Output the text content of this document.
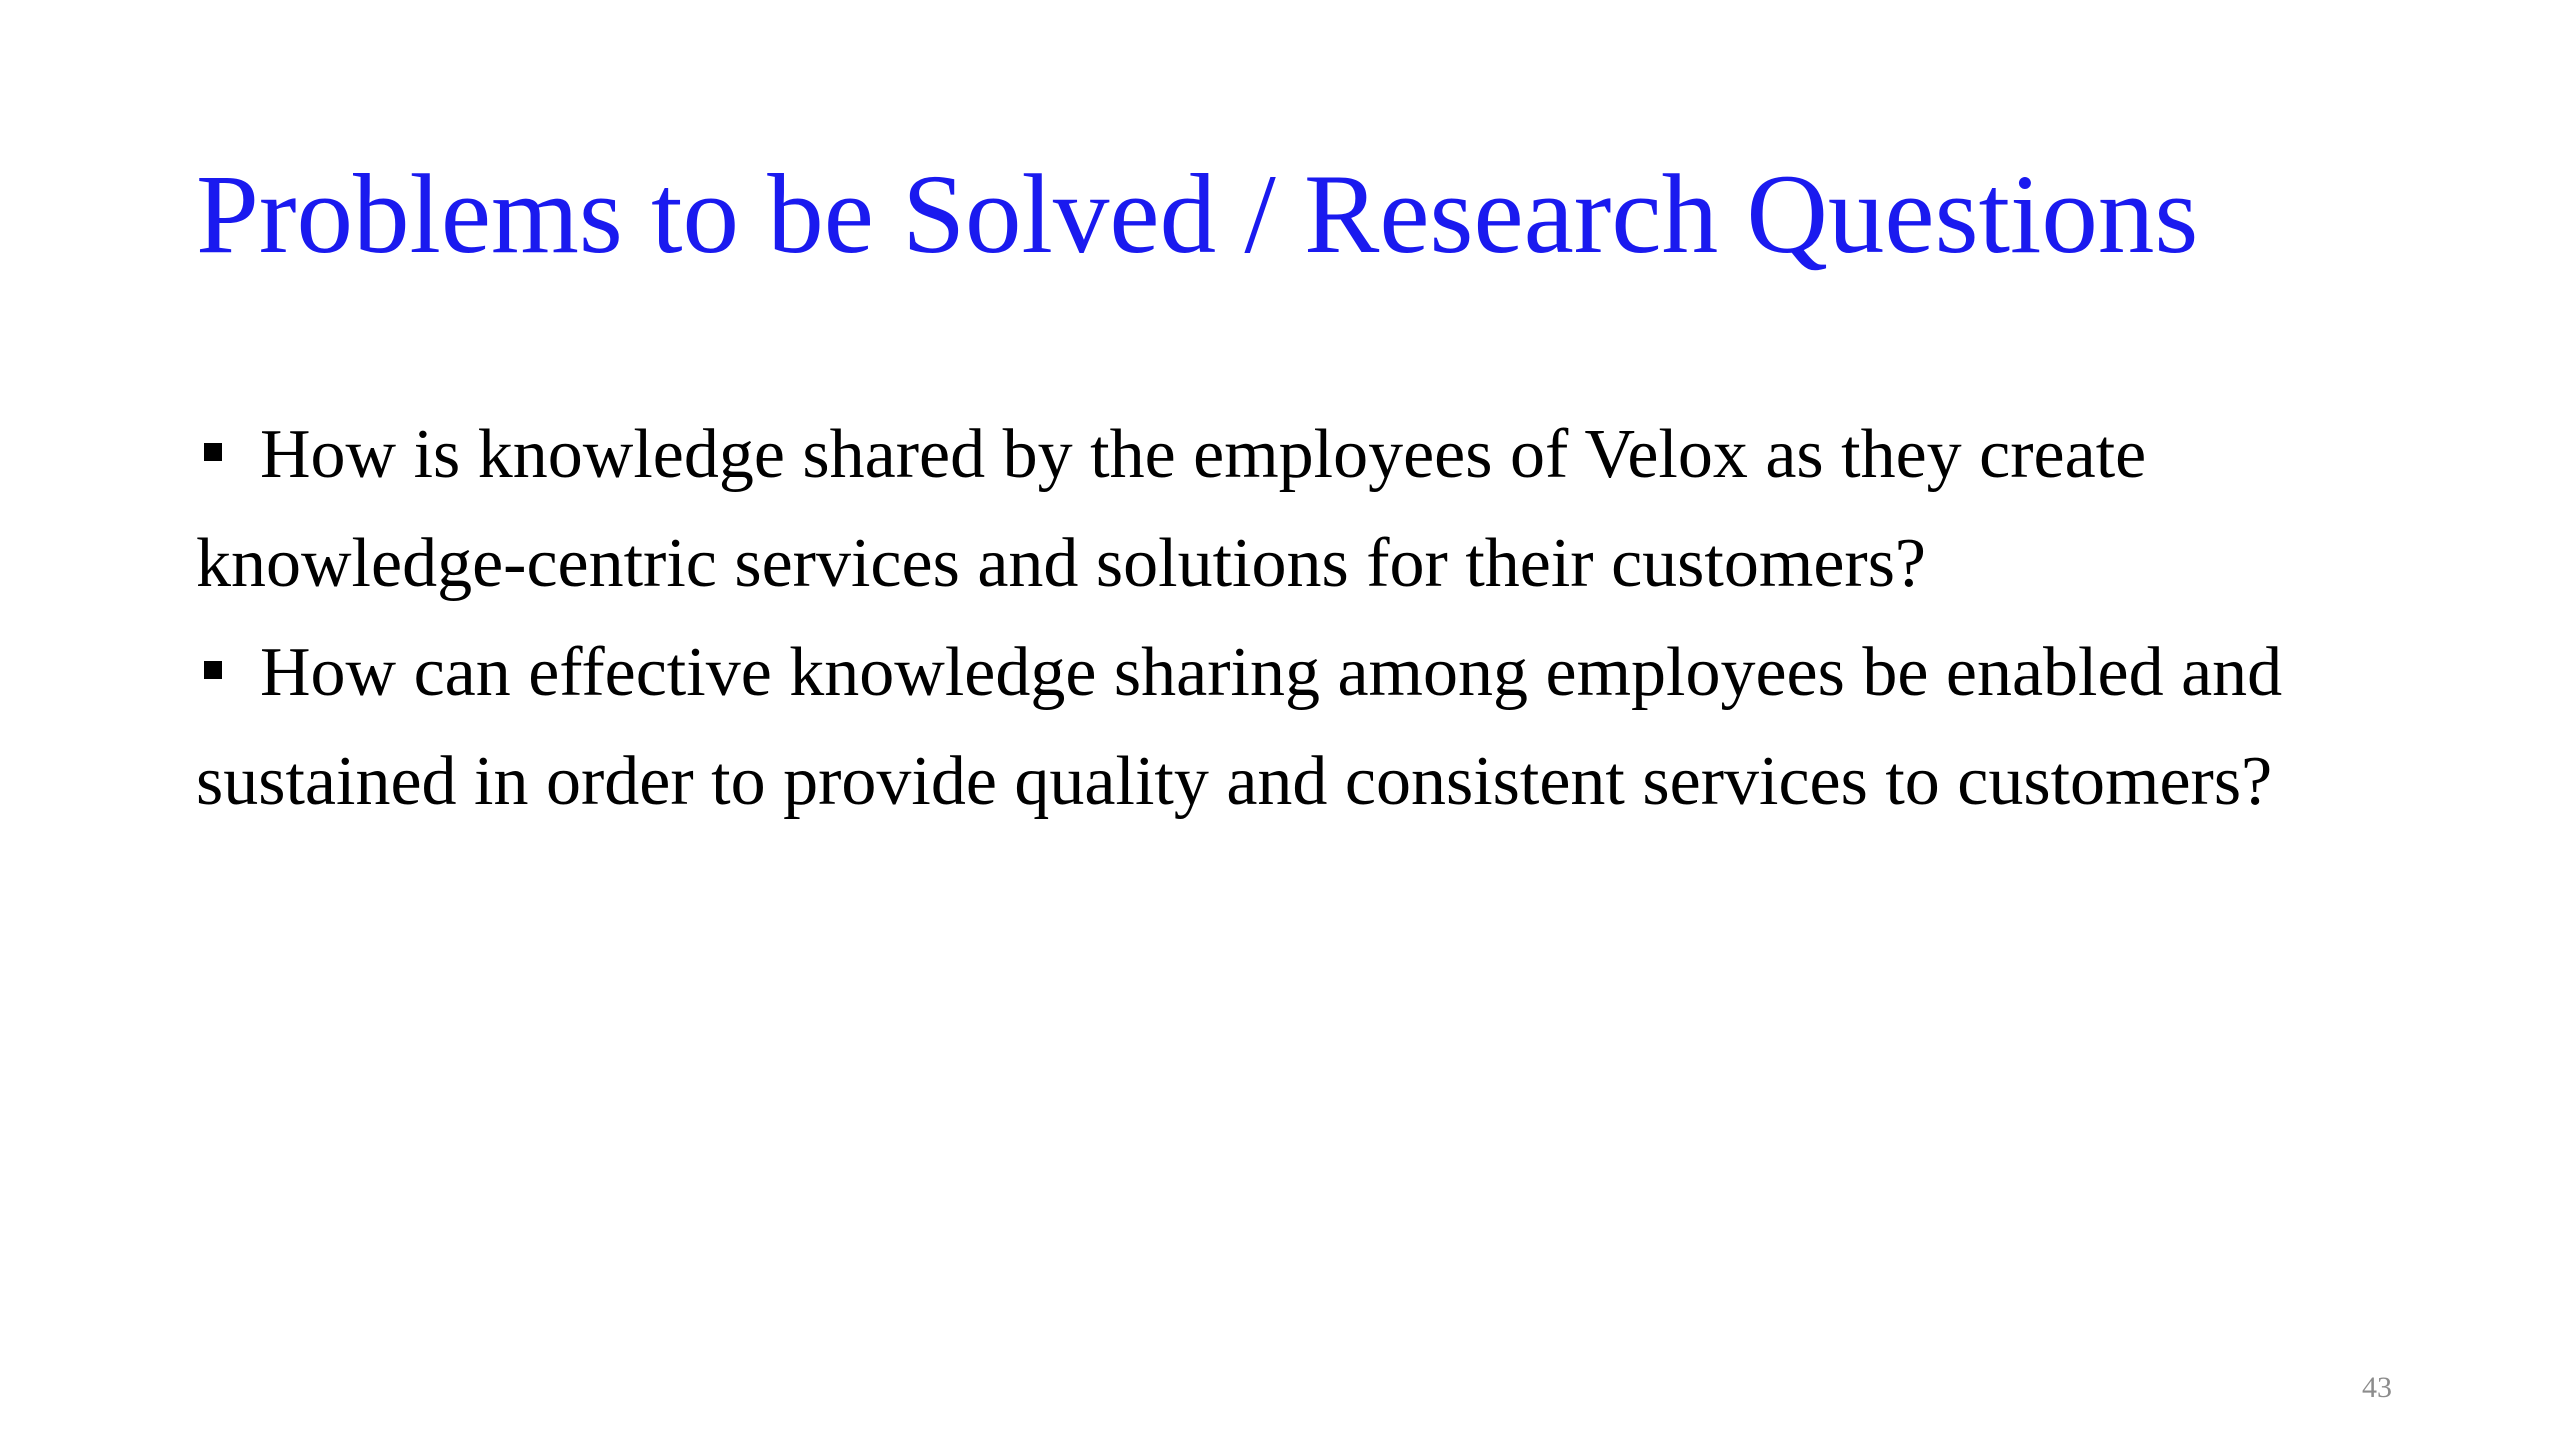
Problems to be Solved / Research Questions
How is knowledge shared by the employees of Velox as they create knowledge-centric services and solutions for their customers?
How can effective knowledge sharing among employees be enabled and sustained in order to provide quality and consistent services to customers?
43
